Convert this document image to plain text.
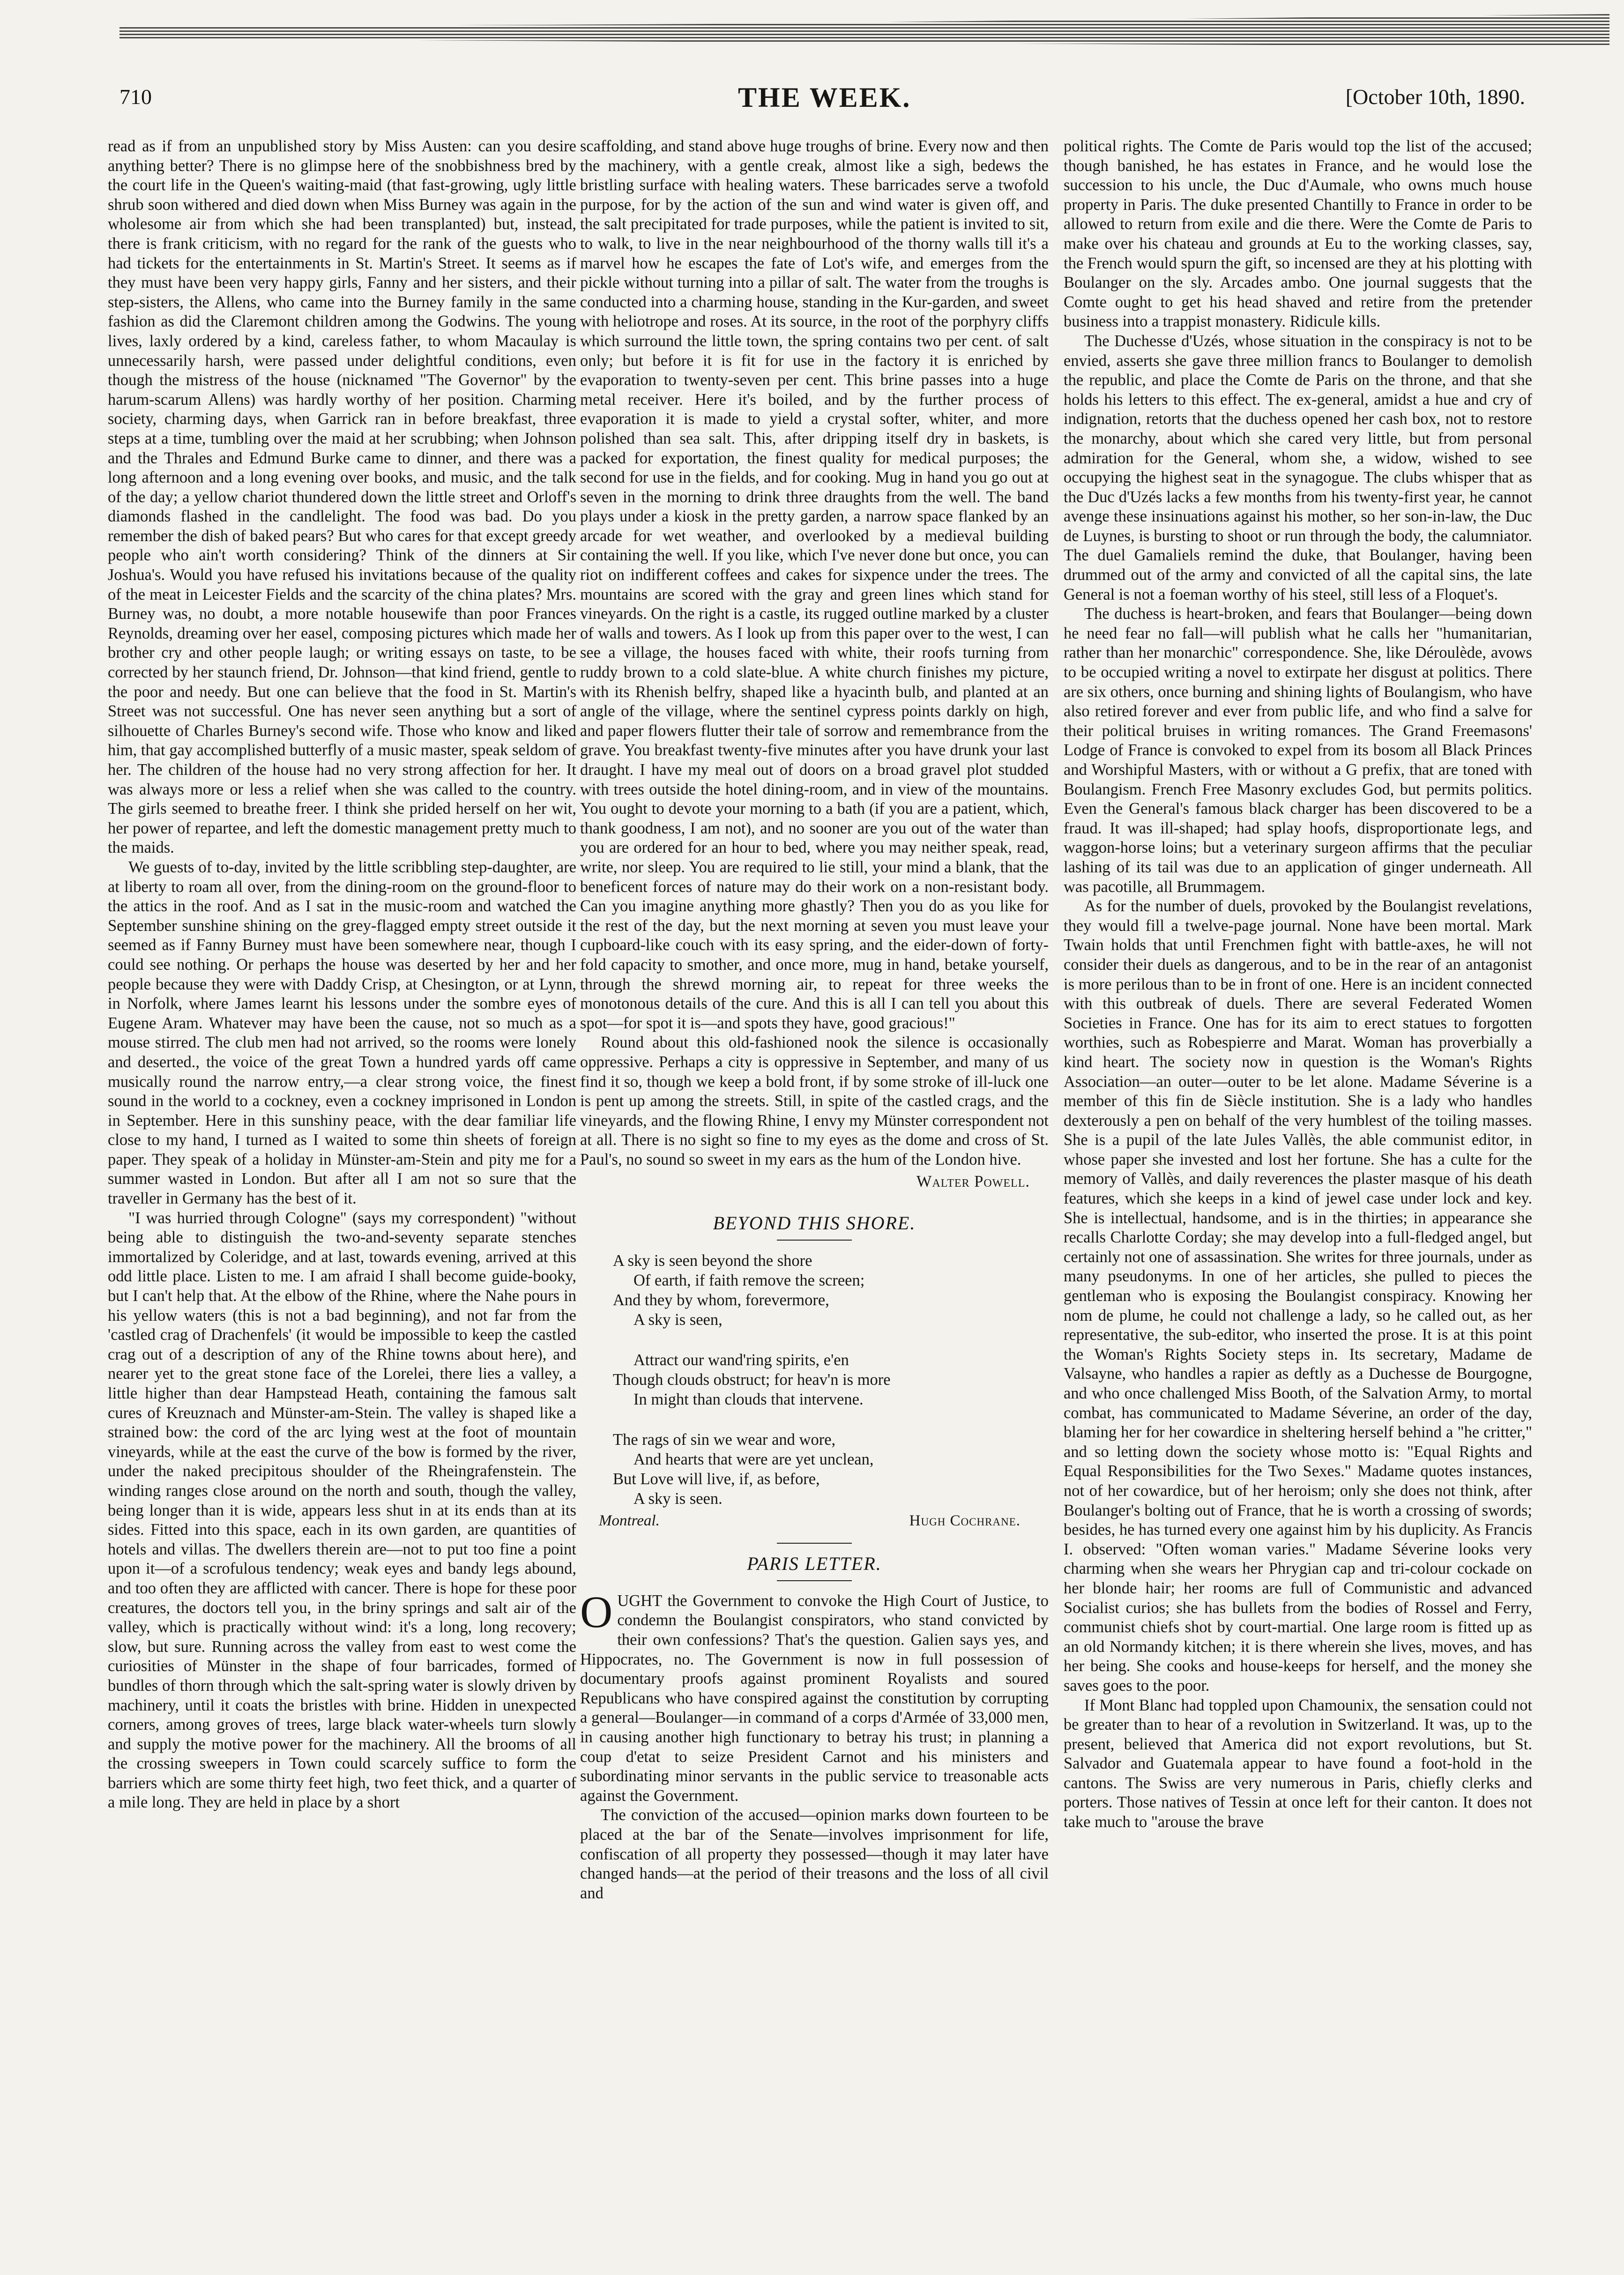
710	THE WEEK.	[October 10th, 1890.

read as if from an unpublished story by Miss Austen: can you desire anything better? There is no glimpse here of the snobbishness bred by the court life in the Queen's waiting-maid (that fast-growing, ugly little shrub soon withered and died down when Miss Burney was again in the wholesome air from which she had been transplanted) but, instead, there is frank criticism, with no regard for the rank of the guests who had tickets for the entertainments in St. Martin's Street. It seems as if they must have been very happy girls, Fanny and her sisters, and their step-sisters, the Allens, who came into the Burney family in the same fashion as did the Claremont children among the Godwins. The young lives, laxly ordered by a kind, careless father, to whom Macaulay is unnecessarily harsh, were passed under delightful conditions, even though the mistress of the house (nicknamed "The Governor" by the harum-scarum Allens) was hardly worthy of her position. Charming society, charming days, when Garrick ran in before breakfast, three steps at a time, tumbling over the maid at her scrubbing; when Johnson and the Thrales and Edmund Burke came to dinner, and there was a long afternoon and a long evening over books, and music, and the talk of the day; a yellow chariot thundered down the little street and Orloff's diamonds flashed in the candlelight. The food was bad. Do you remember the dish of baked pears? But who cares for that except greedy people who ain't worth considering? Think of the dinners at Sir Joshua's. Would you have refused his invitations because of the quality of the meat in Leicester Fields and the scarcity of the china plates? Mrs. Burney was, no doubt, a more notable housewife than poor Frances Reynolds, dreaming over her easel, composing pictures which made her brother cry and other people laugh; or writing essays on taste, to be corrected by her staunch friend, Dr. Johnson—that kind friend, gentle to the poor and needy. But one can believe that the food in St. Martin's Street was not successful. One has never seen anything but a sort of silhouette of Charles Burney's second wife. Those who know and liked him, that gay accomplished butterfly of a music master, speak seldom of her. The children of the house had no very strong affection for her. It was always more or less a relief when she was called to the country. The girls seemed to breathe freer. I think she prided herself on her wit, her power of repartee, and left the domestic management pretty much to the maids.

We guests of to-day, invited by the little scribbling step-daughter, are at liberty to roam all over, from the dining-room on the ground-floor to the attics in the roof. And as I sat in the music-room and watched the September sunshine shining on the grey-flagged empty street outside it seemed as if Fanny Burney must have been somewhere near, though I could see nothing. Or perhaps the house was deserted by her and her people because they were with Daddy Crisp, at Chesington, or at Lynn, in Norfolk, where James learnt his lessons under the sombre eyes of Eugene Aram. Whatever may have been the cause, not so much as a mouse stirred. The club men had not arrived, so the rooms were lonely and deserted., the voice of the great Town a hundred yards off came musically round the narrow entry,—a clear strong voice, the finest sound in the world to a cockney, even a cockney imprisoned in London in September. Here in this sunshiny peace, with the dear familiar life close to my hand, I turned as I waited to some thin sheets of foreign paper. They speak of a holiday in Münster-am-Stein and pity me for a summer wasted in London. But after all I am not so sure that the traveller in Germany has the best of it.

"I was hurried through Cologne" (says my correspondent) "without being able to distinguish the two-and-seventy separate stenches immortalized by Coleridge, and at last, towards evening, arrived at this odd little place. Listen to me. I am afraid I shall become guide-booky, but I can't help that. At the elbow of the Rhine, where the Nahe pours in his yellow waters (this is not a bad beginning), and not far from the 'castled crag of Drachenfels' (it would be impossible to keep the castled crag out of a description of any of the Rhine towns about here), and nearer yet to the great stone face of the Lorelei, there lies a valley, a little higher than dear Hampstead Heath, containing the famous salt cures of Kreuznach and Münster-am-Stein. The valley is shaped like a strained bow: the cord of the arc lying west at the foot of mountain vineyards, while at the east the curve of the bow is formed by the river, under the naked precipitous shoulder of the Rheingrafenstein. The winding ranges close around on the north and south, though the valley, being longer than it is wide, appears less shut in at its ends than at its sides. Fitted into this space, each in its own garden, are quantities of hotels and villas. The dwellers therein are—not to put too fine a point upon it—of a scrofulous tendency; weak eyes and bandy legs abound, and too often they are afflicted with cancer. There is hope for these poor creatures, the doctors tell you, in the briny springs and salt air of the valley, which is practically without wind: it's a long, long recovery; slow, but sure. Running across the valley from east to west come the curiosities of Münster in the shape of four barricades, formed of bundles of thorn through which the salt-spring water is slowly driven by machinery, until it coats the bristles with brine. Hidden in unexpected corners, among groves of trees, large black water-wheels turn slowly and supply the motive power for the machinery. All the brooms of all the crossing sweepers in Town could scarcely suffice to form the barriers which are some thirty feet high, two feet thick, and a quarter of a mile long. They are held in place by a short

scaffolding, and stand above huge troughs of brine. Every now and then the machinery, with a gentle creak, almost like a sigh, bedews the bristling surface with healing waters. These barricades serve a twofold purpose, for by the action of the sun and wind water is given off, and the salt precipitated for trade purposes, while the patient is invited to sit, to walk, to live in the near neighbourhood of the thorny walls till it's a marvel how he escapes the fate of Lot's wife, and emerges from the pickle without turning into a pillar of salt. The water from the troughs is conducted into a charming house, standing in the Kur-garden, and sweet with heliotrope and roses. At its source, in the root of the porphyry cliffs which surround the little town, the spring contains two per cent. of salt only; but before it is fit for use in the factory it is enriched by evaporation to twenty-seven per cent. This brine passes into a huge metal receiver. Here it's boiled, and by the further process of evaporation it is made to yield a crystal softer, whiter, and more polished than sea salt. This, after dripping itself dry in baskets, is packed for exportation, the finest quality for medical purposes; the second for use in the fields, and for cooking. Mug in hand you go out at seven in the morning to drink three draughts from the well. The band plays under a kiosk in the pretty garden, a narrow space flanked by an arcade for wet weather, and overlooked by a medieval building containing the well. If you like, which I've never done but once, you can riot on indifferent coffees and cakes for sixpence under the trees. The mountains are scored with the gray and green lines which stand for vineyards. On the right is a castle, its rugged outline marked by a cluster of walls and towers. As I look up from this paper over to the west, I can see a village, the houses faced with white, their roofs turning from ruddy brown to a cold slate-blue. A white church finishes my picture, with its Rhenish belfry, shaped like a hyacinth bulb, and planted at an angle of the village, where the sentinel cypress points darkly on high, and paper flowers flutter their tale of sorrow and remembrance from the grave. You breakfast twenty-five minutes after you have drunk your last draught. I have my meal out of doors on a broad gravel plot studded with trees outside the hotel dining-room, and in view of the mountains. You ought to devote your morning to a bath (if you are a patient, which, thank goodness, I am not), and no sooner are you out of the water than you are ordered for an hour to bed, where you may neither speak, read, write, nor sleep. You are required to lie still, your mind a blank, that the beneficent forces of nature may do their work on a non-resistant body. Can you imagine anything more ghastly? Then you do as you like for the rest of the day, but the next morning at seven you must leave your cupboard-like couch with its easy spring, and the eider-down of forty-fold capacity to smother, and once more, mug in hand, betake yourself, through the shrewd morning air, to repeat for three weeks the monotonous details of the cure. And this is all I can tell you about this spot—for spot it is—and spots they have, good gracious!"

Round about this old-fashioned nook the silence is occasionally oppressive. Perhaps a city is oppressive in September, and many of us find it so, though we keep a bold front, if by some stroke of ill-luck one is pent up among the streets. Still, in spite of the castled crags, and the vineyards, and the flowing Rhine, I envy my Münster correspondent not at all. There is no sight so fine to my eyes as the dome and cross of St. Paul's, no sound so sweet in my ears as the hum of the London hive.

Walter Powell.
BEYOND THIS SHORE.
A sky is seen beyond the shore
Of earth, if faith remove the screen;
And they by whom, forevermore,
A sky is seen,
Attract our wand'ring spirits, e'en
Though clouds obstruct; for heav'n is more
In might than clouds that intervene.
The rags of sin we wear and wore,
And hearts that were are yet unclean,
But Love will live, if, as before,
A sky is seen.
Montreal.	Hugh Cochrane.
PARIS LETTER.

OUGHT the Government to convoke the High Court of Justice, to condemn the Boulangist conspirators, who stand convicted by their own confessions? That's the question. Galien says yes, and Hippocrates, no. The Government is now in full possession of documentary proofs against prominent Royalists and soured Republicans who have conspired against the constitution by corrupting a general—Boulanger—in command of a corps d'Armée of 33,000 men, in causing another high functionary to betray his trust; in planning a coup d'etat to seize President Carnot and his ministers and subordinating minor servants in the public service to treasonable acts against the Government.

The conviction of the accused—opinion marks down fourteen to be placed at the bar of the Senate—involves imprisonment for life, confiscation of all property they possessed—though it may later have changed hands—at the period of their treasons and the loss of all civil and

political rights. The Comte de Paris would top the list of the accused; though banished, he has estates in France, and he would lose the succession to his uncle, the Duc d'Aumale, who owns much house property in Paris. The duke presented Chantilly to France in order to be allowed to return from exile and die there. Were the Comte de Paris to make over his chateau and grounds at Eu to the working classes, say, the French would spurn the gift, so incensed are they at his plotting with Boulanger on the sly. Arcades ambo. One journal suggests that the Comte ought to get his head shaved and retire from the pretender business into a trappist monastery. Ridicule kills.

The Duchesse d'Uzés, whose situation in the conspiracy is not to be envied, asserts she gave three million francs to Boulanger to demolish the republic, and place the Comte de Paris on the throne, and that she holds his letters to this effect. The ex-general, amidst a hue and cry of indignation, retorts that the duchess opened her cash box, not to restore the monarchy, about which she cared very little, but from personal admiration for the General, whom she, a widow, wished to see occupying the highest seat in the synagogue. The clubs whisper that as the Duc d'Uzés lacks a few months from his twenty-first year, he cannot avenge these insinuations against his mother, so her son-in-law, the Duc de Luynes, is bursting to shoot or run through the body, the calumniator. The duel Gamaliels remind the duke, that Boulanger, having been drummed out of the army and convicted of all the capital sins, the late General is not a foeman worthy of his steel, still less of a Floquet's.

The duchess is heart-broken, and fears that Boulanger—being down he need fear no fall—will publish what he calls her "humanitarian, rather than her monarchic" correspondence. She, like Déroulède, avows to be occupied writing a novel to extirpate her disgust at politics. There are six others, once burning and shining lights of Boulangism, who have also retired forever and ever from public life, and who find a salve for their political bruises in writing romances. The Grand Freemasons' Lodge of France is convoked to expel from its bosom all Black Princes and Worshipful Masters, with or without a G prefix, that are toned with Boulangism. French Free Masonry excludes God, but permits politics. Even the General's famous black charger has been discovered to be a fraud. It was ill-shaped; had splay hoofs, disproportionate legs, and waggon-horse loins; but a veterinary surgeon affirms that the peculiar lashing of its tail was due to an application of ginger underneath. All was pacotille, all Brummagem.

As for the number of duels, provoked by the Boulangist revelations, they would fill a twelve-page journal. None have been mortal. Mark Twain holds that until Frenchmen fight with battle-axes, he will not consider their duels as dangerous, and to be in the rear of an antagonist is more perilous than to be in front of one. Here is an incident connected with this outbreak of duels. There are several Federated Women Societies in France. One has for its aim to erect statues to forgotten worthies, such as Robespierre and Marat. Woman has proverbially a kind heart. The society now in question is the Woman's Rights Association—an outer—outer to be let alone. Madame Séverine is a member of this fin de Siècle institution. She is a lady who handles dexterously a pen on behalf of the very humblest of the toiling masses. She is a pupil of the late Jules Vallès, the able communist editor, in whose paper she invested and lost her fortune. She has a culte for the memory of Vallès, and daily reverences the plaster masque of his death features, which she keeps in a kind of jewel case under lock and key. She is intellectual, handsome, and is in the thirties; in appearance she recalls Charlotte Corday; she may develop into a full-fledged angel, but certainly not one of assassination. She writes for three journals, under as many pseudonyms. In one of her articles, she pulled to pieces the gentleman who is exposing the Boulangist conspiracy. Knowing her nom de plume, he could not challenge a lady, so he called out, as her representative, the sub-editor, who inserted the prose. It is at this point the Woman's Rights Society steps in. Its secretary, Madame de Valsayne, who handles a rapier as deftly as a Duchesse de Bourgogne, and who once challenged Miss Booth, of the Salvation Army, to mortal combat, has communicated to Madame Séverine, an order of the day, blaming her for her cowardice in sheltering herself behind a "he critter," and so letting down the society whose motto is: "Equal Rights and Equal Responsibilities for the Two Sexes." Madame quotes instances, not of her cowardice, but of her heroism; only she does not think, after Boulanger's bolting out of France, that he is worth a crossing of swords; besides, he has turned every one against him by his duplicity. As Francis I. observed: "Often woman varies." Madame Séverine looks very charming when she wears her Phrygian cap and tri-colour cockade on her blonde hair; her rooms are full of Communistic and advanced Socialist curios; she has bullets from the bodies of Rossel and Ferry, communist chiefs shot by court-martial. One large room is fitted up as an old Normandy kitchen; it is there wherein she lives, moves, and has her being. She cooks and house-keeps for herself, and the money she saves goes to the poor.

If Mont Blanc had toppled upon Chamounix, the sensation could not be greater than to hear of a revolution in Switzerland. It was, up to the present, believed that America did not export revolutions, but St. Salvador and Guatemala appear to have found a foot-hold in the cantons. The Swiss are very numerous in Paris, chiefly clerks and porters. Those natives of Tessin at once left for their canton. It does not take much to "arouse the brave
